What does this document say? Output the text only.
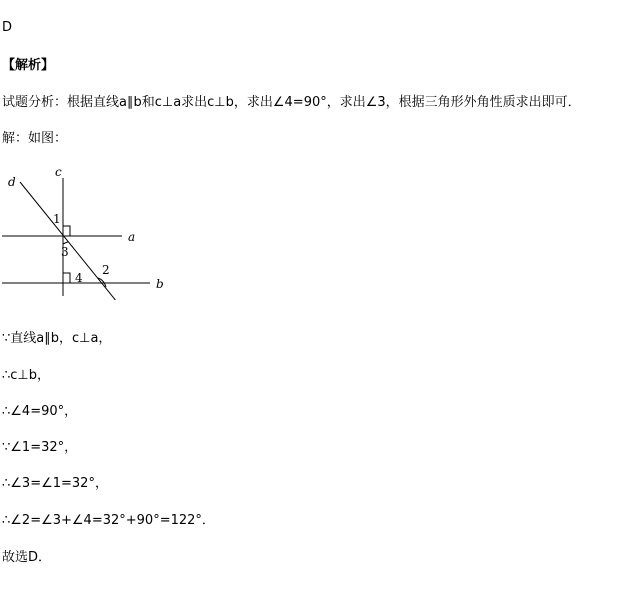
D
【解析】
试题分析：根据直线a∥b和c⊥a求出c⊥b，求出∠4=90°，求出∠3，根据三角形外角性质求出即可．
解：如图：
d
c
a
b
1
3
2
4
∵直线a∥b，c⊥a，
∴c⊥b，
∴∠4=90°，
∵∠1=32°，
∴∠3=∠1=32°，
∴∠2=∠3+∠4=32°+90°=122°．
故选D．
